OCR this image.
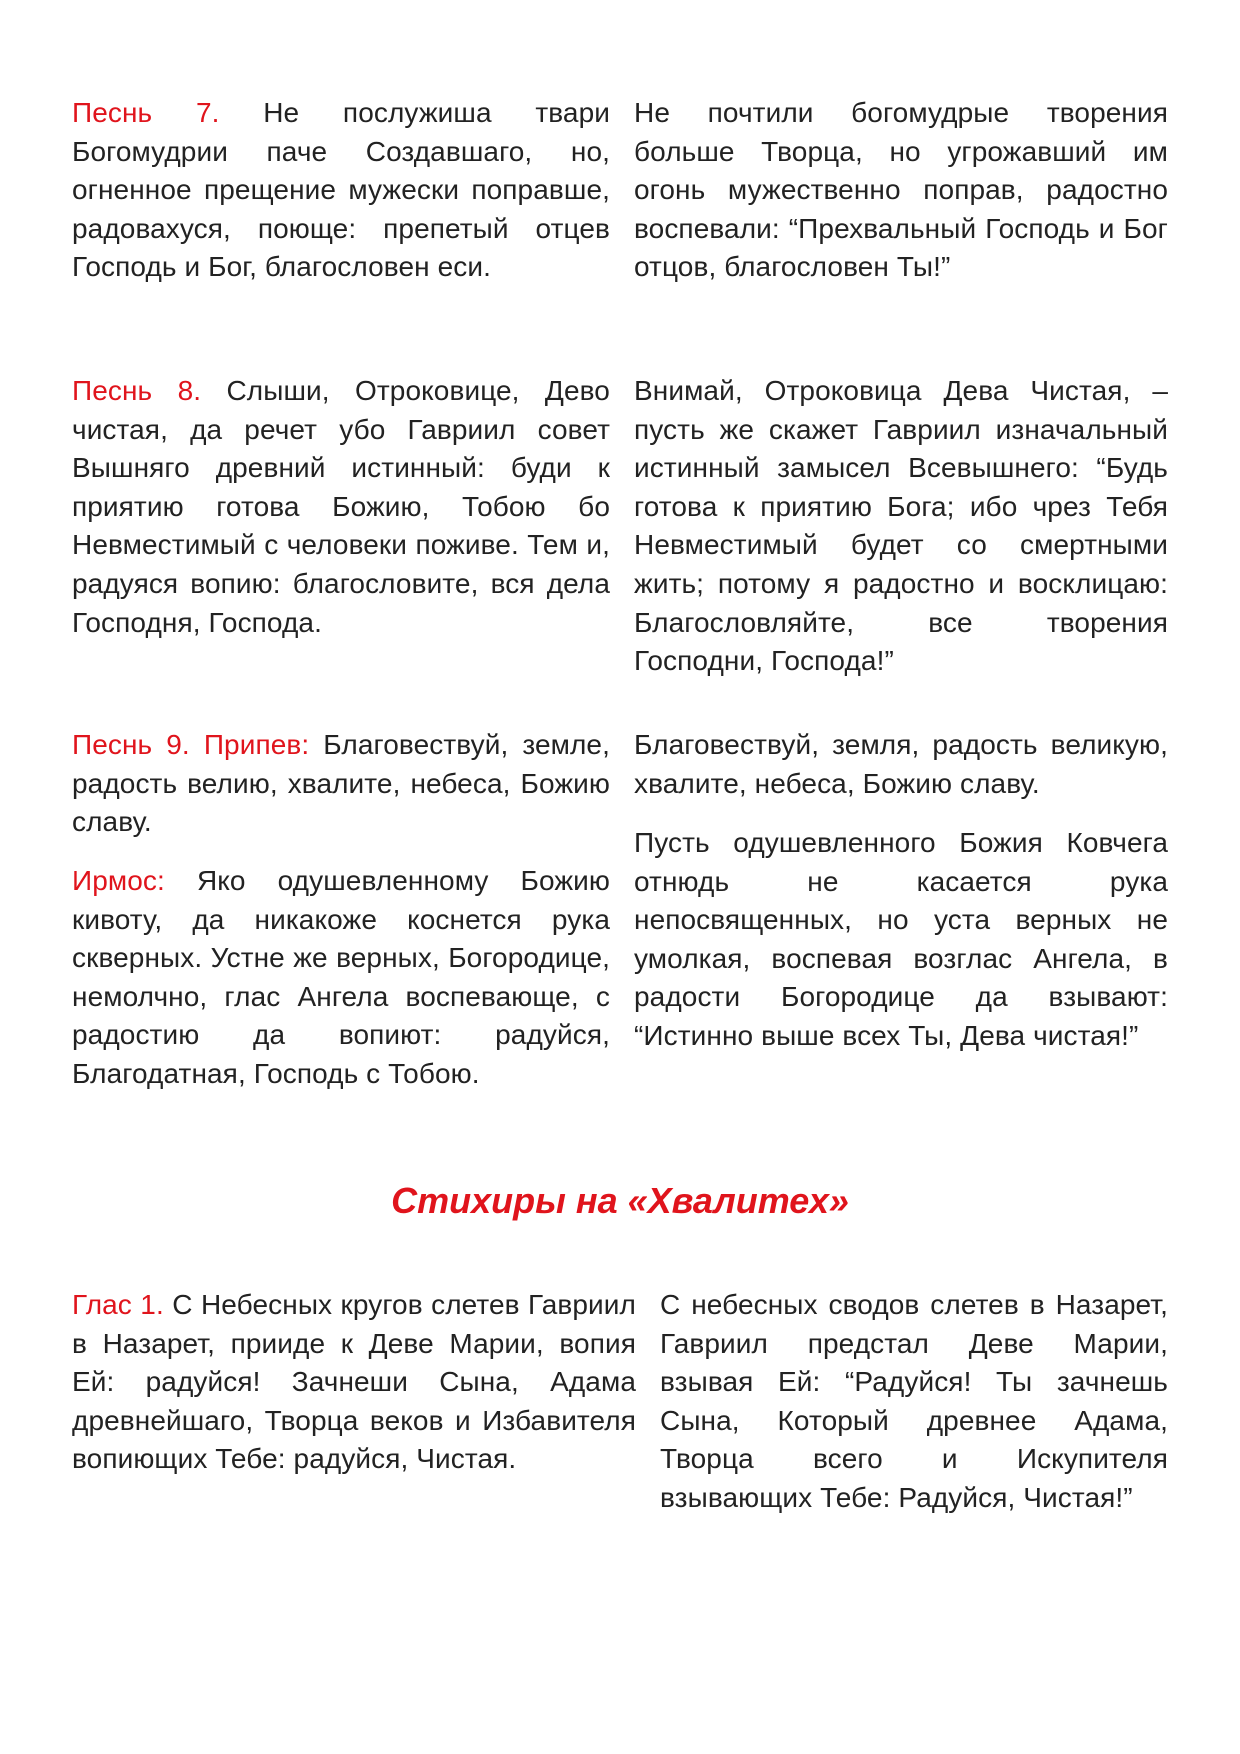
Песнь 7. Не послужиша твари Богомудрии паче Создавшаго, но, огненное прещение мужески поправше, радовахуся, поюще: препетый отцев Господь и Бог, благословен еси.

Не почтили богомудрые творения больше Творца, но угрожавший им огонь мужественно поправ, радостно воспевали: “Прехвальный Господь и Бог отцов, благословен Ты!”

Песнь 8. Слыши, Отроковице, Дево чистая, да речет убо Гавриил совет Вышняго древний истинный: буди к приятию готова Божию, Тобою бо Невместимый с человеки поживе. Тем и, радуяся вопию: благословите, вся дела Господня, Господа.

Внимай, Отроковица Дева Чистая, – пусть же скажет Гавриил изначальный истинный замысел Всевышнего: “Будь готова к приятию Бога; ибо чрез Тебя Невместимый будет со смертными жить; потому я радостно и восклицаю: Благословляйте, все творения Господни, Господа!”

Песнь 9. Припев: Благовествуй, земле, радость велию, хвалите, небеса, Божию славу.

Благовествуй, земля, радость великую, хвалите, небеса, Божию славу.

Ирмос: Яко одушевленному Божию кивоту, да никакоже коснется рука скверных. Устне же верных, Богородице, немолчно, глас Ангела воспевающе, с радостию да вопиют: радуйся, Благодатная, Господь с Тобою.

Пусть одушевленного Божия Ковчега отнюдь не касается рука непосвященных, но уста верных не умолкая, воспевая возглас Ангела, в радости Богородице да взывают: “Истинно выше всех Ты, Дева чистая!”

Стихиры на «Хвалитех»

Глас 1. С Небесных кругов слетев Гавриил в Назарет, прииде к Деве Марии, вопия Ей: радуйся! Зачнеши Сына, Адама древнейшаго, Творца веков и Избавителя вопиющих Тебе: радуйся, Чистая.

С небесных сводов слетев в Назарет, Гавриил предстал Деве Марии, взывая Ей: “Радуйся! Ты зачнешь Сына, Который древнее Адама, Творца всего и Искупителя взывающих Тебе: Радуйся, Чистая!”
